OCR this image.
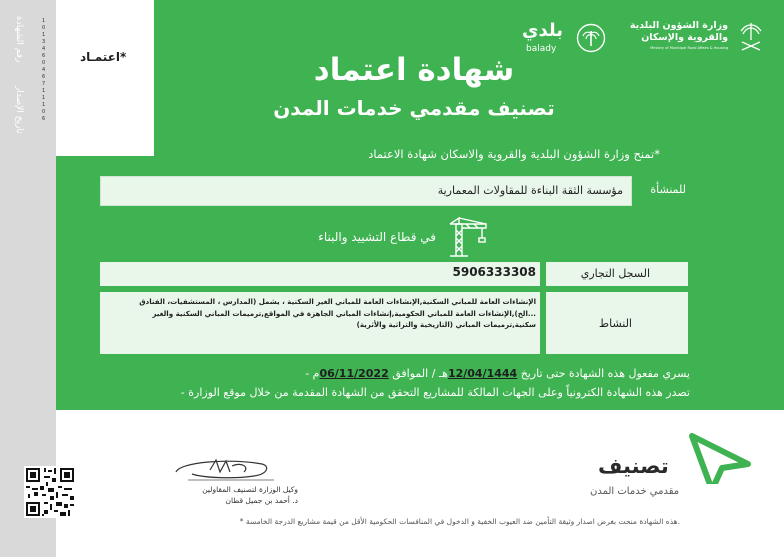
رقم الشهادة
تاريخ الإصدار
1
0
1
3
4
6
0
4
6
7
1
1
1
0
6
اعتمـاد*
وزارة الشؤون البلدية
والقروية والإسكان
Ministry of Municipal Rural Affairs & Housing
بلدي
balady
شهادة اعتماد
تصنيف مقدمي خدمات المدن
تمنح وزارة الشؤون البلدية والقروية والاسكان شهادة الاعتماد*
للمنشأة
مؤسسة الثقة البناءة للمقاولات المعمارية
في قطاع التشييد والبناء
5906333308	السجل التجاري
الإنشاءات العامة للمباني السكنية,الإنشاءات العامة للمباني الغير السكنية ، يشمل (المدارس ، المستشفيات، الفنادق ...الخ),الإنشاءات العامة للمباني الحكومية,إنشاءات المباني الجاهزة في المواقع,ترميمات المباني السكنية والغير سكنية,ترميمات المباني (التاريخية والتراثية والأثرية)	النشاط
- يسري مفعول هذه الشهادة حتى تاريخ 12/04/1444هـ / الموافق 06/11/2022م
- تصدر هذه الشهادة الكترونياً وعلى الجهات المالكة للمشاريع التحقق من الشهادة المقدمة من خلال موقع الوزارة
وكيل الوزارة لتصنيف المقاولين
د. أحمد بن جميل قطان
تصنيف
مقدمي خدمات المدن
* هذه الشهادة منحت بغرض اصدار وثيقة التأمين ضد العيوب الخفية و الدخول في المنافسات الحكومية الأقل من قيمة مشاريع الدرجة الخامسة.
